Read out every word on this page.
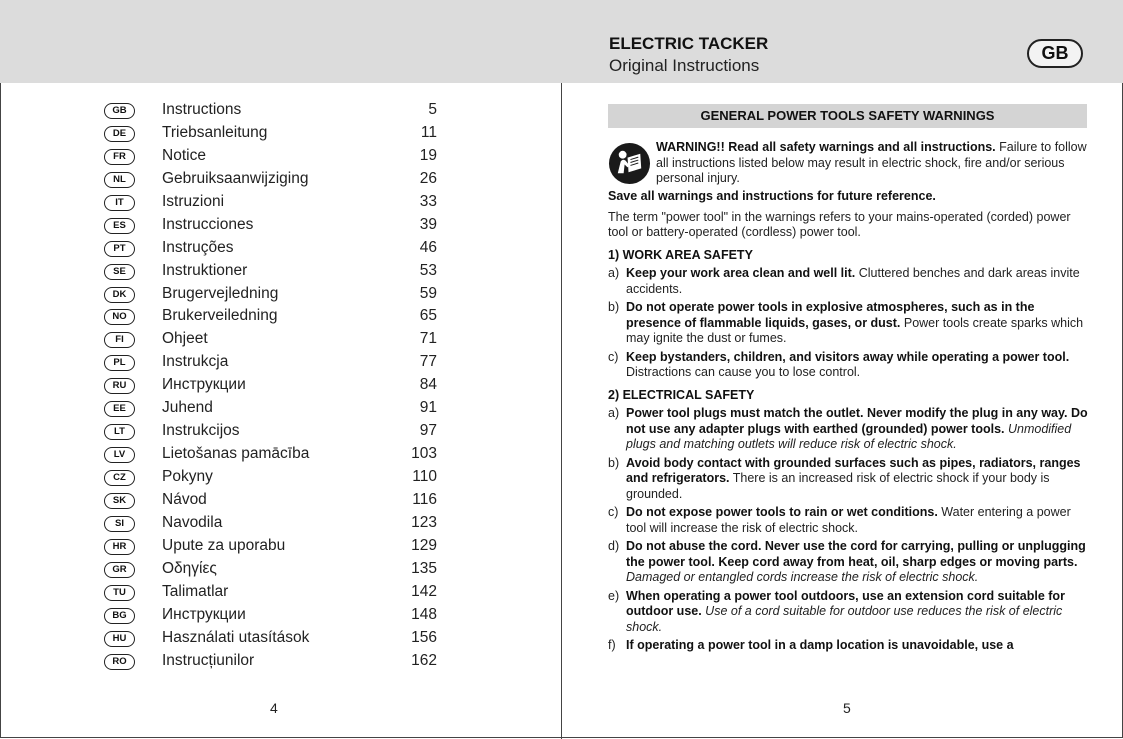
ELECTRIC TACKER
Original Instructions
GB
GB	Instructions	5
DE	Triebsanleitung	11
FR	Notice	19
NL	Gebruiksaanwijziging	26
IT	Istruzioni	33
ES	Instrucciones	39
PT	Instruções	46
SE	Instruktioner	53
DK	Brugervejledning	59
NO	Brukerveiledning	65
FI	Ohjeet	71
PL	Instrukcja	77
RU	Инструкции	84
EE	Juhend	91
LT	Instrukcijos	97
LV	Lietošanas pamācība	103
CZ	Pokyny	110
SK	Návod	116
SI	Navodila	123
HR	Upute za uporabu	129
GR	Οδηγίες	135
TU	Talimatlar	142
BG	Инструкции	148
HU	Használati utasítások	156
RO	Instrucțiunilor	162
4	5
GENERAL POWER TOOLS SAFETY WARNINGS
WARNING!! Read all safety warnings and all instructions. Failure to follow all instructions listed below may result in electric shock, fire and/or serious personal injury.

Save all warnings and instructions for future reference.

The term "power tool" in the warnings refers to your mains-operated (corded) power tool or battery-operated (cordless) power tool.

1) WORK AREA SAFETY
a) Keep your work area clean and well lit. Cluttered benches and dark areas invite accidents.
b) Do not operate power tools in explosive atmospheres, such as in the presence of flammable liquids, gases, or dust. Power tools create sparks which may ignite the dust or fumes.
c) Keep bystanders, children, and visitors away while operating a power tool. Distractions can cause you to lose control.
2) ELECTRICAL SAFETY
a) Power tool plugs must match the outlet. Never modify the plug in any way. Do not use any adapter plugs with earthed (grounded) power tools. Unmodified plugs and matching outlets will reduce risk of electric shock.
b) Avoid body contact with grounded surfaces such as pipes, radiators, ranges and refrigerators. There is an increased risk of electric shock if your body is grounded.
c) Do not expose power tools to rain or wet conditions. Water entering a power tool will increase the risk of electric shock.
d) Do not abuse the cord. Never use the cord for carrying, pulling or unplugging the power tool. Keep cord away from heat, oil, sharp edges or moving parts. Damaged or entangled cords increase the risk of electric shock.
e) When operating a power tool outdoors, use an extension cord suitable for outdoor use. Use of a cord suitable for outdoor use reduces the risk of electric shock.
f) If operating a power tool in a damp location is unavoidable, use a
